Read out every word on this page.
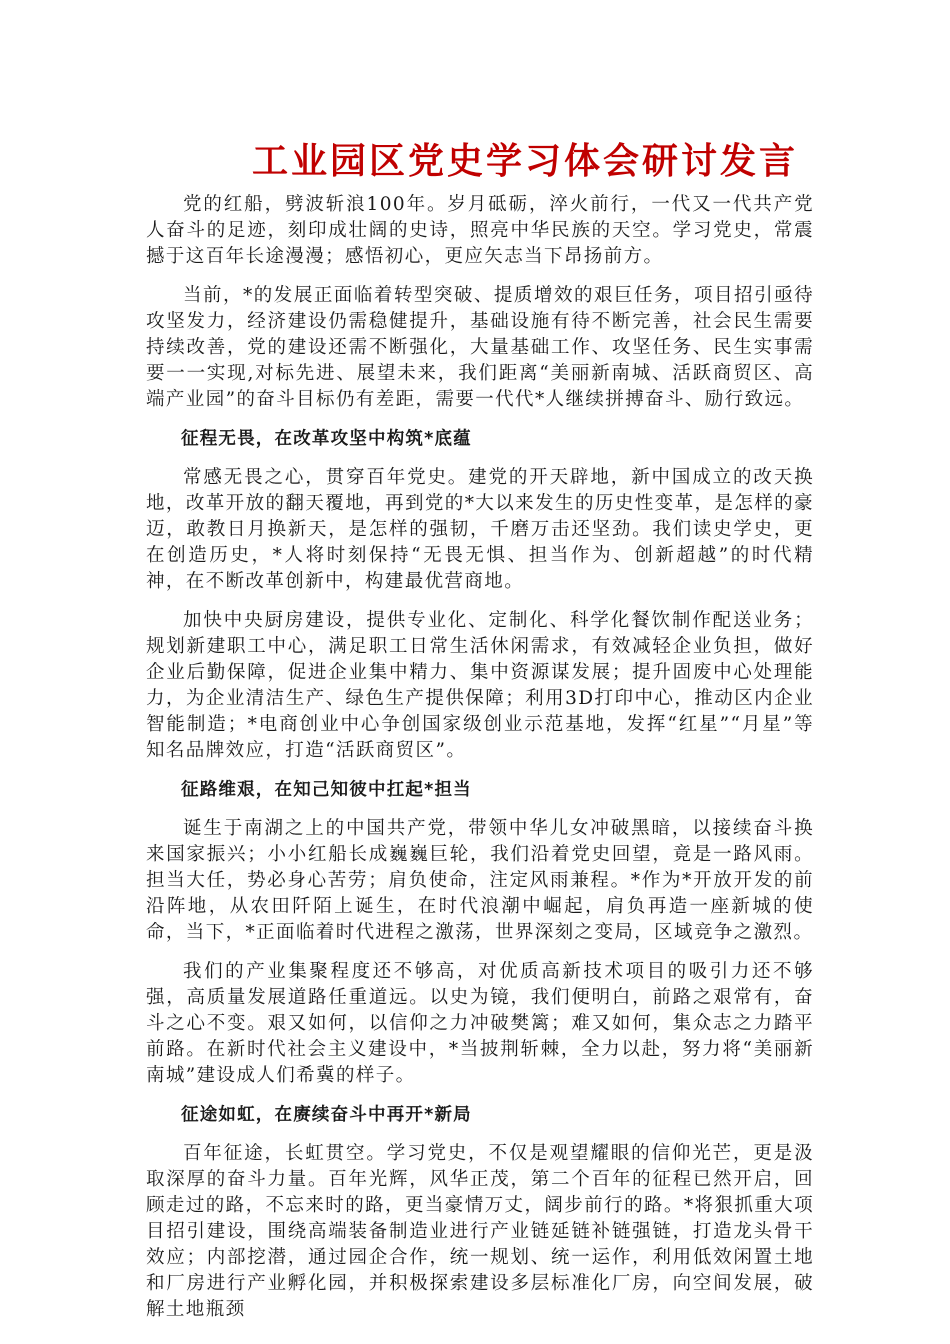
工业园区党史学习体会研讨发言

党的红船，劈波斩浪100年。岁月砥砺，淬火前行，一代又一代共产党人奋斗的足迹，刻印成壮阔的史诗，照亮中华民族的天空。学习党史，常震撼于这百年长途漫漫；感悟初心，更应矢志当下昂扬前方。

当前，*的发展正面临着转型突破、提质增效的艰巨任务，项目招引亟待攻坚发力，经济建设仍需稳健提升，基础设施有待不断完善，社会民生需要持续改善，党的建设还需不断强化，大量基础工作、攻坚任务、民生实事需要一一实现,对标先进、展望未来，我们距离“美丽新南城、活跃商贸区、高端产业园”的奋斗目标仍有差距，需要一代代*人继续拼搏奋斗、励行致远。

征程无畏，在改革攻坚中构筑*底蕴

常感无畏之心，贯穿百年党史。建党的开天辟地，新中国成立的改天换地，改革开放的翻天覆地，再到党的*大以来发生的历史性变革，是怎样的豪迈，敢教日月换新天，是怎样的强韧，千磨万击还坚劲。我们读史学史，更在创造历史，*人将时刻保持“无畏无惧、担当作为、创新超越”的时代精神，在不断改革创新中，构建最优营商地。

加快中央厨房建设，提供专业化、定制化、科学化餐饮制作配送业务；规划新建职工中心，满足职工日常生活休闲需求，有效减轻企业负担，做好企业后勤保障，促进企业集中精力、集中资源谋发展；提升固废中心处理能力，为企业清洁生产、绿色生产提供保障；利用3D打印中心，推动区内企业智能制造；*电商创业中心争创国家级创业示范基地，发挥“红星”“月星”等知名品牌效应，打造“活跃商贸区”。

征路维艰，在知己知彼中扛起*担当

诞生于南湖之上的中国共产党，带领中华儿女冲破黑暗，以接续奋斗换来国家振兴；小小红船长成巍巍巨轮，我们沿着党史回望，竟是一路风雨。担当大任，势必身心苦劳；肩负使命，注定风雨兼程。*作为*开放开发的前沿阵地，从农田阡陌上诞生，在时代浪潮中崛起，肩负再造一座新城的使命，当下，*正面临着时代进程之激荡，世界深刻之变局，区域竞争之激烈。

我们的产业集聚程度还不够高，对优质高新技术项目的吸引力还不够强，高质量发展道路任重道远。以史为镜，我们便明白，前路之艰常有，奋斗之心不变。艰又如何，以信仰之力冲破樊篱；难又如何，集众志之力踏平前路。在新时代社会主义建设中，*当披荆斩棘，全力以赴，努力将“美丽新南城”建设成人们希冀的样子。

征途如虹，在赓续奋斗中再开*新局

百年征途，长虹贯空。学习党史，不仅是观望耀眼的信仰光芒，更是汲取深厚的奋斗力量。百年光辉，风华正茂，第二个百年的征程已然开启，回顾走过的路，不忘来时的路，更当豪情万丈，阔步前行的路。*将狠抓重大项目招引建设，围绕高端装备制造业进行产业链延链补链强链，打造龙头骨干效应；内部挖潜，通过园企合作，统一规划、统一运作，利用低效闲置土地和厂房进行产业孵化园，并积极探索建设多层标准化厂房，向空间发展，破解土地瓶颈
